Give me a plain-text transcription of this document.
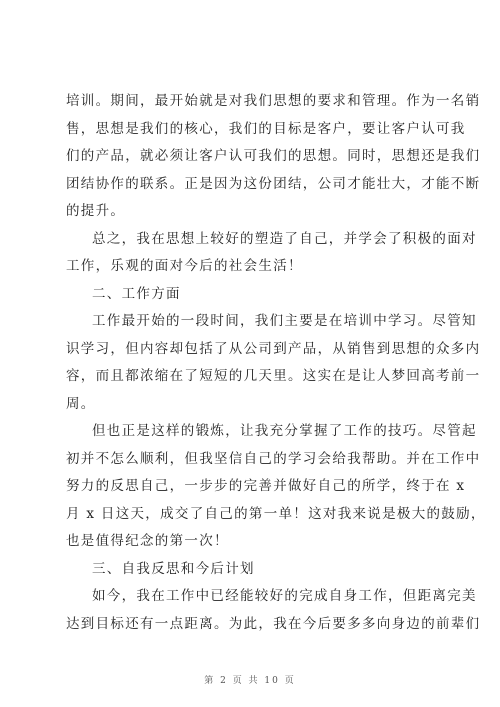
培训。期间，最开始就是对我们思想的要求和管理。作为一名销
售，思想是我们的核心，我们的目标是客户，要让客户认可我
们的产品，就必须让客户认可我们的思想。同时，思想还是我们
团结协作的联系。正是因为这份团结，公司才能壮大，才能不断
的提升。
总之，我在思想上较好的塑造了自己，并学会了积极的面对
工作，乐观的面对今后的社会生活！
二、工作方面
工作最开始的一段时间，我们主要是在培训中学习。尽管知
识学习，但内容却包括了从公司到产品，从销售到思想的众多内
容，而且都浓缩在了短短的几天里。这实在是让人梦回高考前一
周。
但也正是这样的锻炼，让我充分掌握了工作的技巧。尽管起
初并不怎么顺利，但我坚信自己的学习会给我帮助。并在工作中
努力的反思自己，一步步的完善并做好自己的所学，终于在 x
月 x 日这天，成交了自己的第一单！这对我来说是极大的鼓励，
也是值得纪念的第一次！
三、自我反思和今后计划
如今，我在工作中已经能较好的完成自身工作，但距离完美
达到目标还有一点距离。为此，我在今后要多多向身边的前辈们
第 2 页 共 10 页
